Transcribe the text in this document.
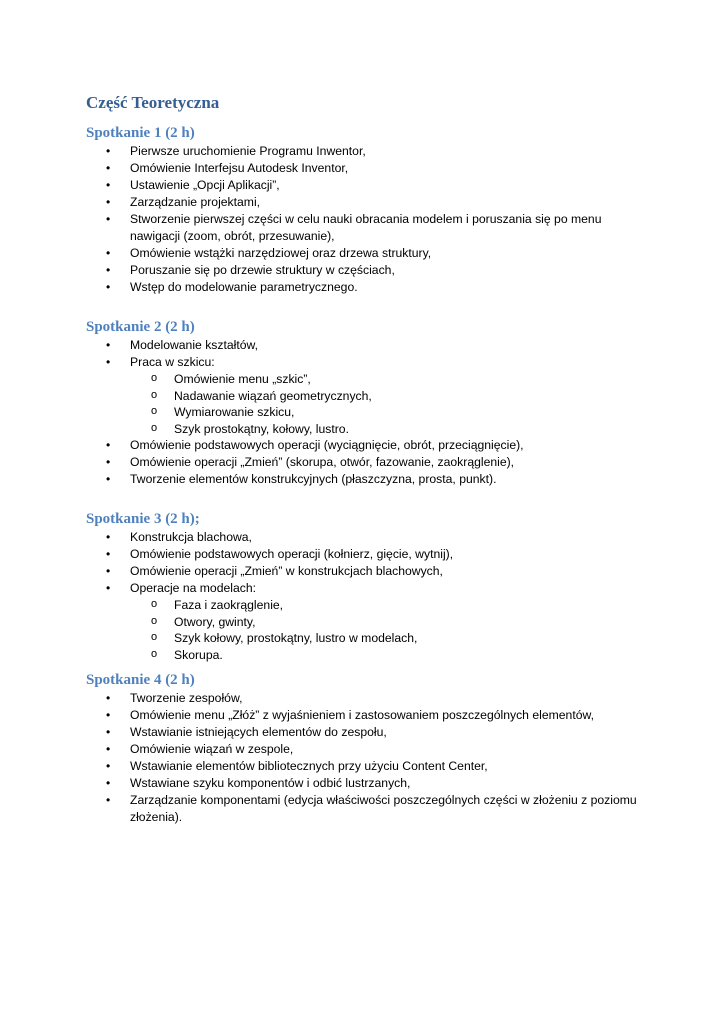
Część Teoretyczna
Spotkanie 1 (2 h)
• Pierwsze uruchomienie Programu Inwentor,
• Omówienie Interfejsu Autodesk Inventor,
• Ustawienie „Opcji Aplikacji”,
• Zarządzanie projektami,
• Stworzenie pierwszej części w celu nauki obracania modelem i poruszania się po menu nawigacji (zoom, obrót, przesuwanie),
• Omówienie wstążki narzędziowej oraz drzewa struktury,
• Poruszanie się po drzewie struktury w częściach,
• Wstęp do modelowanie parametrycznego.
Spotkanie 2 (2 h)
• Modelowanie kształtów,
• Praca w szkicu:
o Omówienie menu „szkic”,
o Nadawanie wiązań geometrycznych,
o Wymiarowanie szkicu,
o Szyk prostokątny, kołowy, lustro.
• Omówienie podstawowych operacji (wyciągnięcie, obrót, przeciągnięcie),
• Omówienie operacji „Zmień” (skorupa, otwór, fazowanie, zaokrąglenie),
• Tworzenie elementów konstrukcyjnych (płaszczyzna, prosta, punkt).
Spotkanie 3 (2 h);
• Konstrukcja blachowa,
• Omówienie podstawowych operacji (kołnierz, gięcie, wytnij),
• Omówienie operacji „Zmień” w konstrukcjach blachowych,
• Operacje na modelach:
o Faza i zaokrąglenie,
o Otwory, gwinty,
o Szyk kołowy, prostokątny, lustro w modelach,
o Skorupa.
Spotkanie 4 (2 h)
• Tworzenie zespołów,
• Omówienie menu „Złóż” z wyjaśnieniem i zastosowaniem poszczególnych elementów,
• Wstawianie istniejących elementów do zespołu,
• Omówienie wiązań w zespole,
• Wstawianie elementów bibliotecznych przy użyciu Content Center,
• Wstawiane szyku komponentów i odbić lustrzanych,
• Zarządzanie komponentami (edycja właściwości poszczególnych części w złożeniu z poziomu złożenia).
